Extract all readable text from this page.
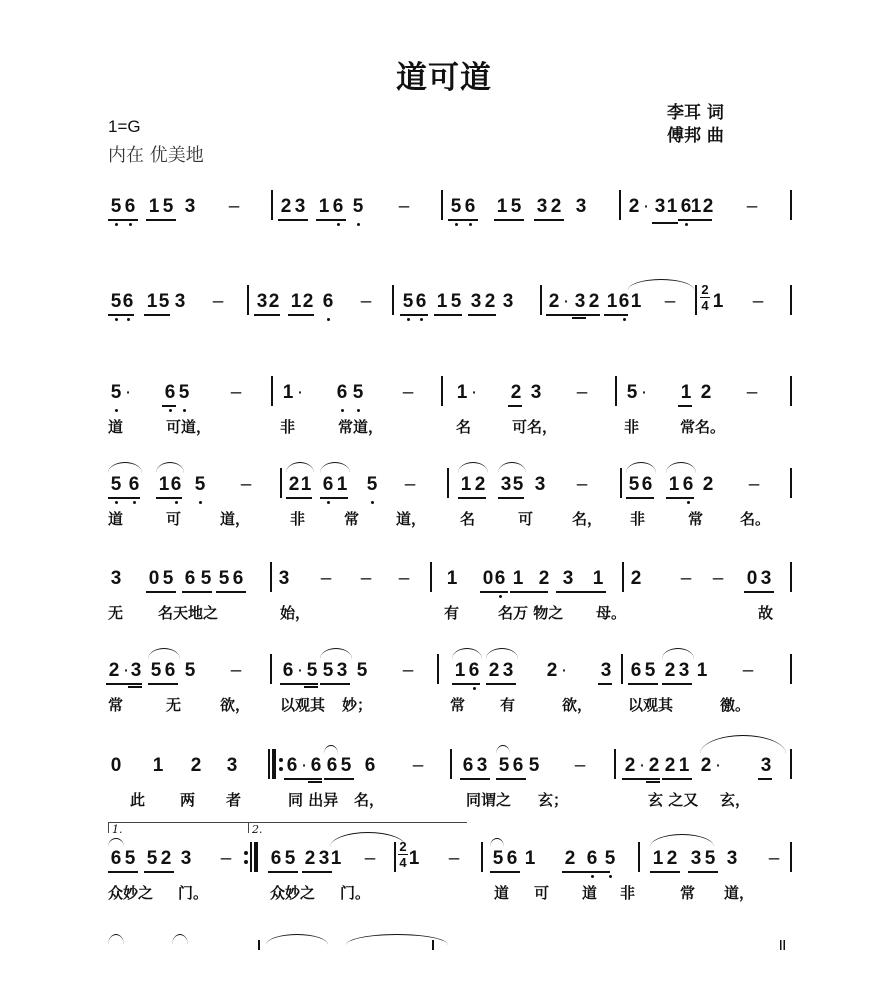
道可道
1=G
内在 优美地
李耳 词
傅邦 曲
5 6 1 5 3 – 2 3 1 6 5 – 5 6 1 5 3 2 3 2 · 3 1 6 1 2 –
5 6 1 5 3 – 3 2 1 2 6 – 5 6 1 5 3 2 3 2 · 3 2 1 6 1 – 1 –
2
4
5 · 6 5 – 1 · 6 5 – 1 · 2 3 – 5 · 1 2 –
道	可道，	非	常道，	名	可名，	非	常名。
5 6 1 6 5 – 2 1 6 1 5 – 1 2 3 5 3 – 5 6 1 6 2 –
道	可	道，	非	常 道， 名	可	名， 非	常 名。
3 0 5 6 5 5 6 3 – – – 1 0 6 1 2 3 1 2 – – 0 3
无 名天地之	始，	有	名万 物之 母。	故
2 · 3 5 6 5 – 6 · 5 5 3 5 – 1 6 2 3 2 · 3 6 5 2 3 1 –
常	无	欲， 以观其 妙；	常 有	欲， 以观其	徼。
0 1 2 3	6 · 6 6 5 6 – 6 3 5 6 5 – 2 · 2 2 1 2 · 3
此 两 者	同 出异 名，	同谓之 玄；	玄 之又 玄，
6 5 5 2 3 – 6 5 2 3 1 – 1 – 5 6 1 2 6 5 1 2 3 5 3 –
2
4
1.	2.
众妙之 门。	众妙之 门。	道 可 道 非	常 道，
